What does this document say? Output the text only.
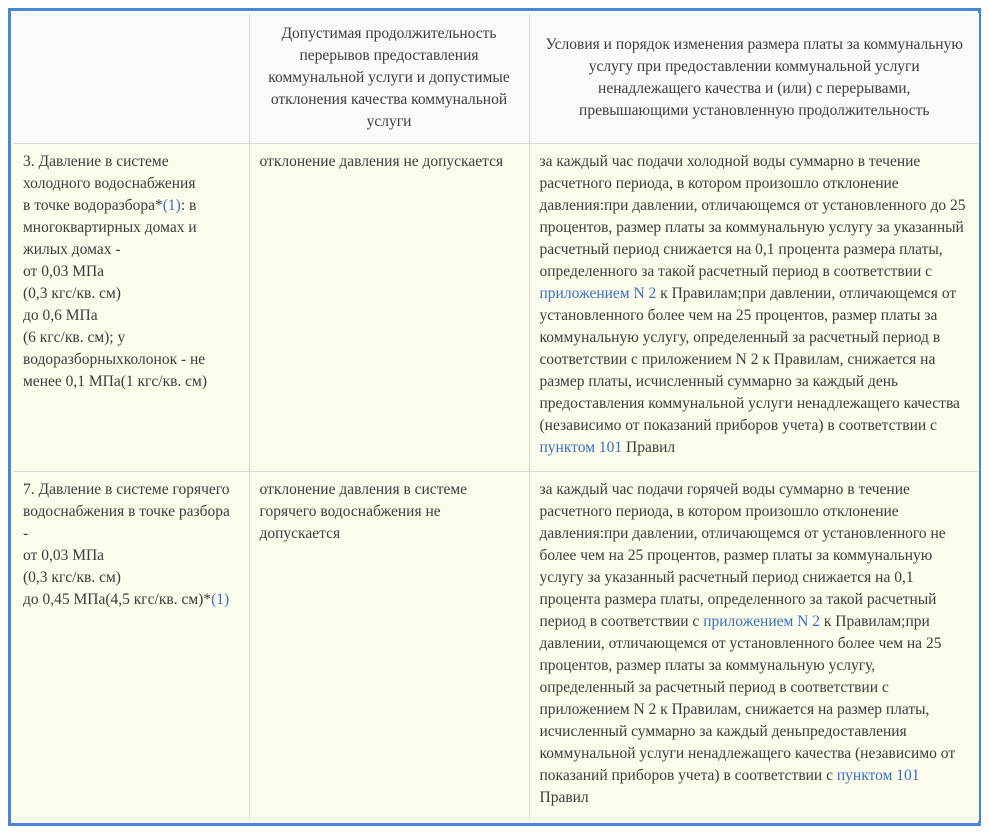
	Допустимая продолжительность перерывов предоставления коммунальной услуги и допустимые отклонения качества коммунальной услуги	Условия и порядок изменения размера платы за коммунальную услугу при предоставлении коммунальной услуги ненадлежащего качества и (или) с перерывами, превышающими установленную продолжительность
3. Давление в системе холодного водоснабжения
в точке водоразбора*(1): в многоквартирных домах и жилых домах -
от 0,03 МПа
(0,3 кгс/кв. см)
до 0,6 МПа
(6 кгс/кв. см); у водоразборныхколонок - не менее 0,1 МПа(1 кгс/кв. см)	отклонение давления не допускается	за каждый час подачи холодной воды суммарно в течение расчетного периода, в котором произошло отклонение давления:при давлении, отличающемся от установленного до 25 процентов, размер платы за коммунальную услугу за указанный расчетный период снижается на 0,1 процента размера платы, определенного за такой расчетный период в соответствии с приложением N 2 к Правилам;при давлении, отличающемся от установленного более чем на 25 процентов, размер платы за коммунальную услугу, определенный за расчетный период в соответствии с приложением N 2 к Правилам, снижается на размер платы, исчисленный суммарно за каждый день предоставления коммунальной услуги ненадлежащего качества (независимо от показаний приборов учета) в соответствии с пунктом 101 Правил
7. Давление в системе горячего водоснабжения в точке разбора -
от 0,03 МПа
(0,3 кгс/кв. см)
до 0,45 МПа(4,5 кгс/кв. см)*(1)	отклонение давления в системе горячего водоснабжения не допускается	за каждый час подачи горячей воды суммарно в течение расчетного периода, в котором произошло отклонение давления:при давлении, отличающемся от установленного не более чем на 25 процентов, размер платы за коммунальную услугу за указанный расчетный период снижается на 0,1 процента размера платы, определенного за такой расчетный период в соответствии с приложением N 2 к Правилам;при давлении, отличающемся от установленного более чем на 25 процентов, размер платы за коммунальную услугу, определенный за расчетный период в соответствии с приложением N 2 к Правилам, снижается на размер платы, исчисленный суммарно за каждый деньпредоставления коммунальной услуги ненадлежащего качества (независимо от показаний приборов учета) в соответствии с пунктом 101 Правил
